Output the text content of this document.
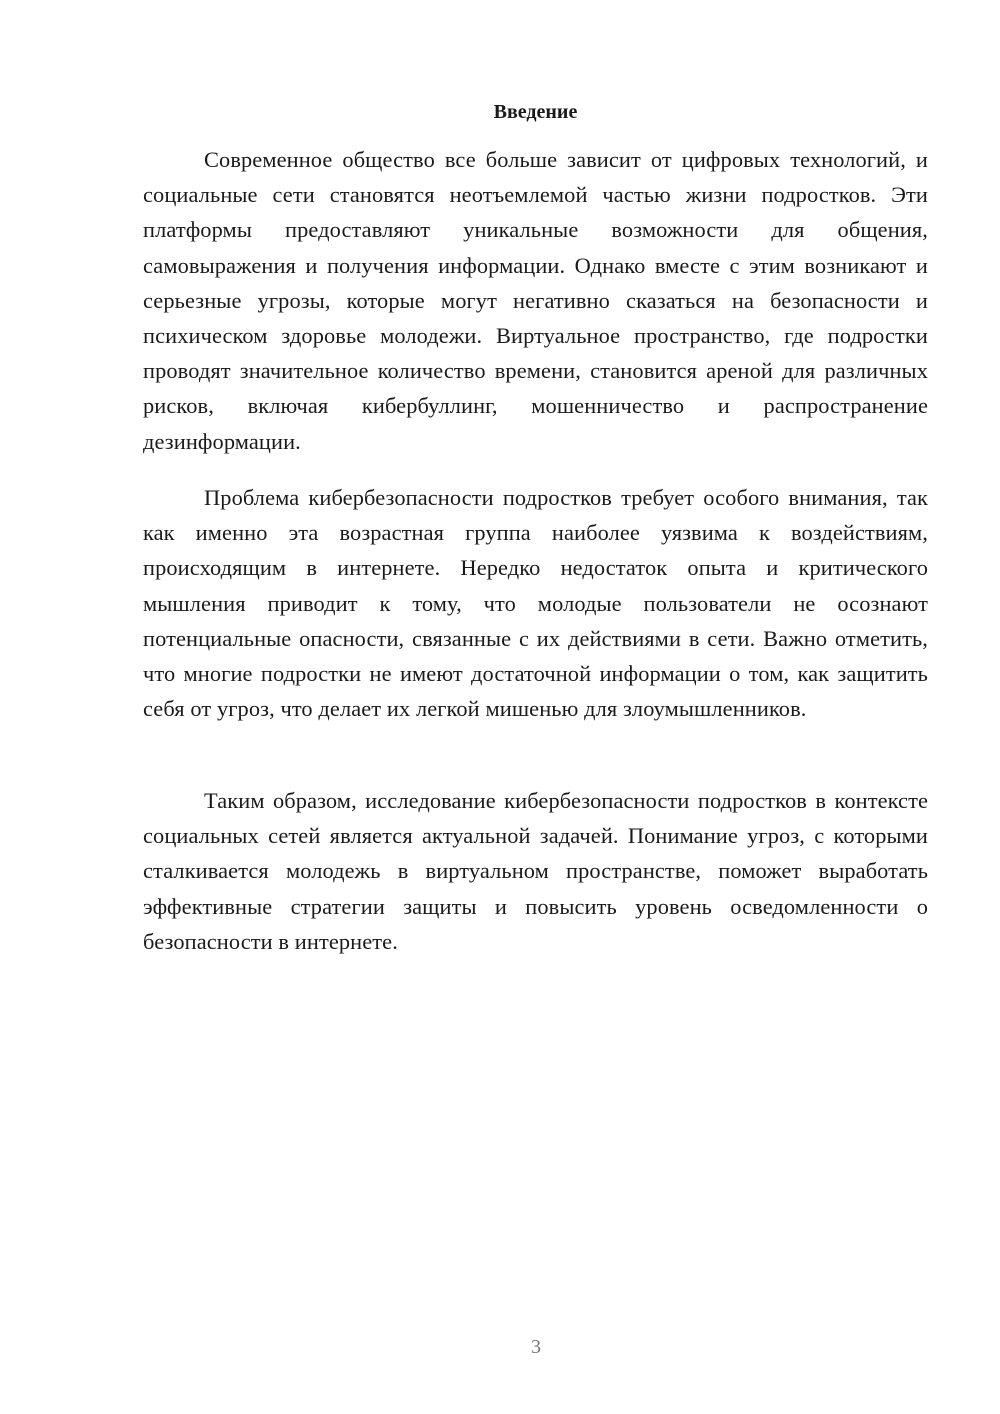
Введение

Современное общество все больше зависит от цифровых технологий, и социальные сети становятся неотъемлемой частью жизни подростков. Эти платформы предоставляют уникальные возможности для общения, самовыражения и получения информации. Однако вместе с этим возникают и серьезные угрозы, которые могут негативно сказаться на безопасности и психическом здоровье молодежи. Виртуальное пространство, где подростки проводят значительное количество времени, становится ареной для различных рисков, включая кибербуллинг, мошенничество и распространение дезинформации.

Проблема кибербезопасности подростков требует особого внимания, так как именно эта возрастная группа наиболее уязвима к воздействиям, происходящим в интернете. Нередко недостаток опыта и критического мышления приводит к тому, что молодые пользователи не осознают потенциальные опасности, связанные с их действиями в сети. Важно отметить, что многие подростки не имеют достаточной информации о том, как защитить себя от угроз, что делает их легкой мишенью для злоумышленников.

Таким образом, исследование кибербезопасности подростков в контексте социальных сетей является актуальной задачей. Понимание угроз, с которыми сталкивается молодежь в виртуальном пространстве, поможет выработать эффективные стратегии защиты и повысить уровень осведомленности о безопасности в интернете.

3
